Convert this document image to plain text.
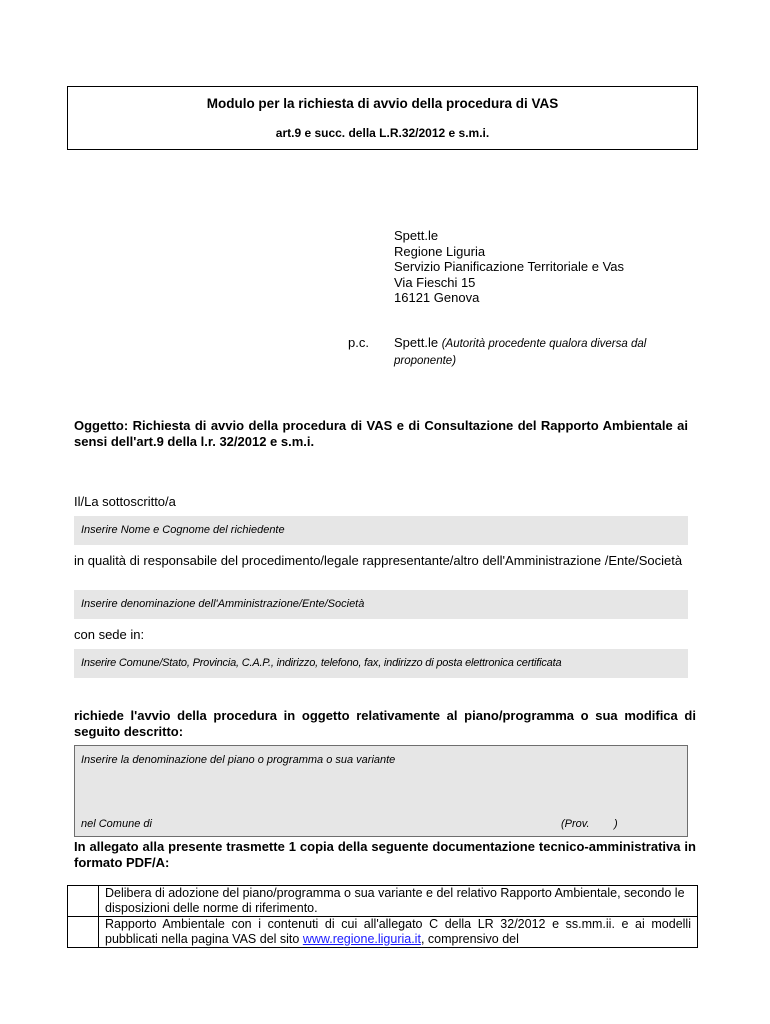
Modulo per la richiesta di avvio della procedura di VAS
art.9 e succ. della L.R.32/2012 e s.m.i.
Spett.le
Regione Liguria
Servizio Pianificazione Territoriale e Vas
Via Fieschi 15
16121 Genova
p.c. Spett.le (Autorità procedente qualora diversa dal proponente)
Oggetto: Richiesta di avvio della procedura di VAS e di Consultazione del Rapporto Ambientale ai sensi dell'art.9 della l.r. 32/2012 e s.m.i.
Il/La sottoscritto/a
Inserire Nome e Cognome del richiedente
in qualità di responsabile del procedimento/legale rappresentante/altro dell'Amministrazione /Ente/Società
Inserire denominazione dell'Amministrazione/Ente/Società
con sede in:
Inserire Comune/Stato, Provincia, C.A.P., indirizzo, telefono, fax, indirizzo di posta elettronica certificata
richiede l'avvio della procedura in oggetto relativamente al piano/programma o sua modifica di seguito descritto:
Inserire la denominazione del piano o programma o sua variante
nel Comune di	(Prov.        )
In allegato alla presente trasmette 1 copia della seguente documentazione tecnico-amministrativa in formato PDF/A:
	Delibera di adozione del piano/programma o sua variante e del relativo Rapporto Ambientale, secondo le disposizioni delle norme di riferimento.
	Rapporto Ambientale con i contenuti di cui all'allegato C della LR 32/2012 e ss.mm.ii. e ai modelli pubblicati nella pagina VAS del sito www.regione.liguria.it, comprensivo del
